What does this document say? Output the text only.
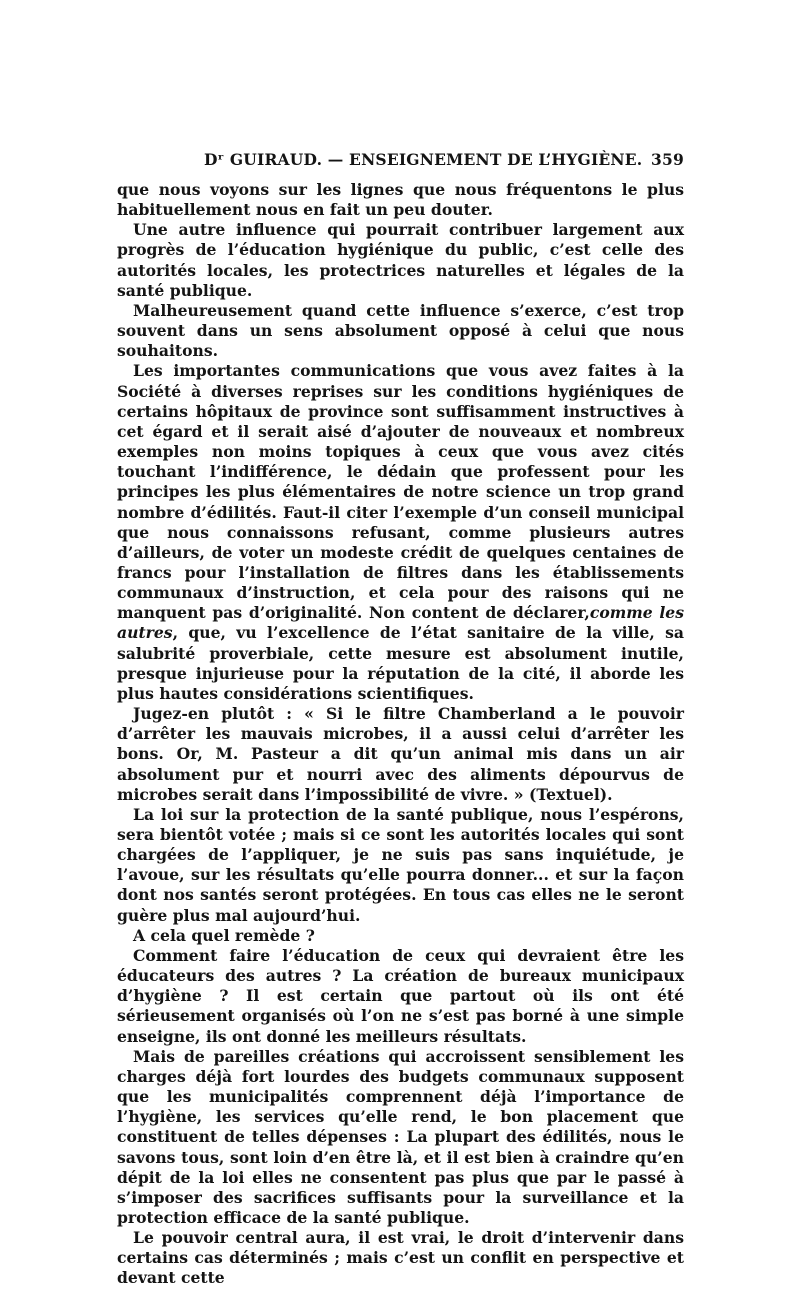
Dʳ GUIRAUD. — ENSEIGNEMENT DE L’HYGIÈNE. 359

que nous voyons sur les lignes que nous fréquentons le plus habituellement nous en fait un peu douter.

Une autre influence qui pourrait contribuer largement aux progrès de l’éducation hygiénique du public, c’est celle des autorités locales, les protectrices naturelles et légales de la santé publique.

Malheureusement quand cette influence s’exerce, c’est trop souvent dans un sens absolument opposé à celui que nous souhaitons.

Les importantes communications que vous avez faites à la Société à diverses reprises sur les conditions hygiéniques de certains hôpitaux de province sont suffisamment instructives à cet égard et il serait aisé d’ajouter de nouveaux et nombreux exemples non moins topiques à ceux que vous avez cités touchant l’indifférence, le dédain que professent pour les principes les plus élémentaires de notre science un trop grand nombre d’édilités. Faut-il citer l’exemple d’un conseil municipal que nous connaissons refusant, comme plusieurs autres d’ailleurs, de voter un modeste crédit de quelques centaines de francs pour l’installation de filtres dans les établissements communaux d’instruction, et cela pour des raisons qui ne manquent pas d’originalité. Non content de déclarer,comme les autres, que, vu l’excellence de l’état sanitaire de la ville, sa salubrité proverbiale, cette mesure est absolument inutile, presque injurieuse pour la réputation de la cité, il aborde les plus hautes considérations scientifiques.

Jugez-en plutôt : « Si le filtre Chamberland a le pouvoir d’arrêter les mauvais microbes, il a aussi celui d’arrêter les bons. Or, M. Pasteur a dit qu’un animal mis dans un air absolument pur et nourri avec des aliments dépourvus de microbes serait dans l’impossibilité de vivre. » (Textuel).

La loi sur la protection de la santé publique, nous l’espérons, sera bientôt votée ; mais si ce sont les autorités locales qui sont chargées de l’appliquer, je ne suis pas sans inquiétude, je l’avoue, sur les résultats qu’elle pourra donner... et sur la façon dont nos santés seront protégées. En tous cas elles ne le seront guère plus mal aujourd’hui.

A cela quel remède ?

Comment faire l’éducation de ceux qui devraient être les éducateurs des autres ? La création de bureaux municipaux d’hygiène ? Il est certain que partout où ils ont été sérieusement organisés où l’on ne s’est pas borné à une simple enseigne, ils ont donné les meilleurs résultats.

Mais de pareilles créations qui accroissent sensiblement les charges déjà fort lourdes des budgets communaux supposent que les municipalités comprennent déjà l’importance de l’hygiène, les services qu’elle rend, le bon placement que constituent de telles dépenses : La plupart des édilités, nous le savons tous, sont loin d’en être là, et il est bien à craindre qu’en dépit de la loi elles ne consentent pas plus que par le passé à s’imposer des sacrifices suffisants pour la surveillance et la protection efficace de la santé publique.

Le pouvoir central aura, il est vrai, le droit d’intervenir dans certains cas déterminés ; mais c’est un conflit en perspective et devant cette
